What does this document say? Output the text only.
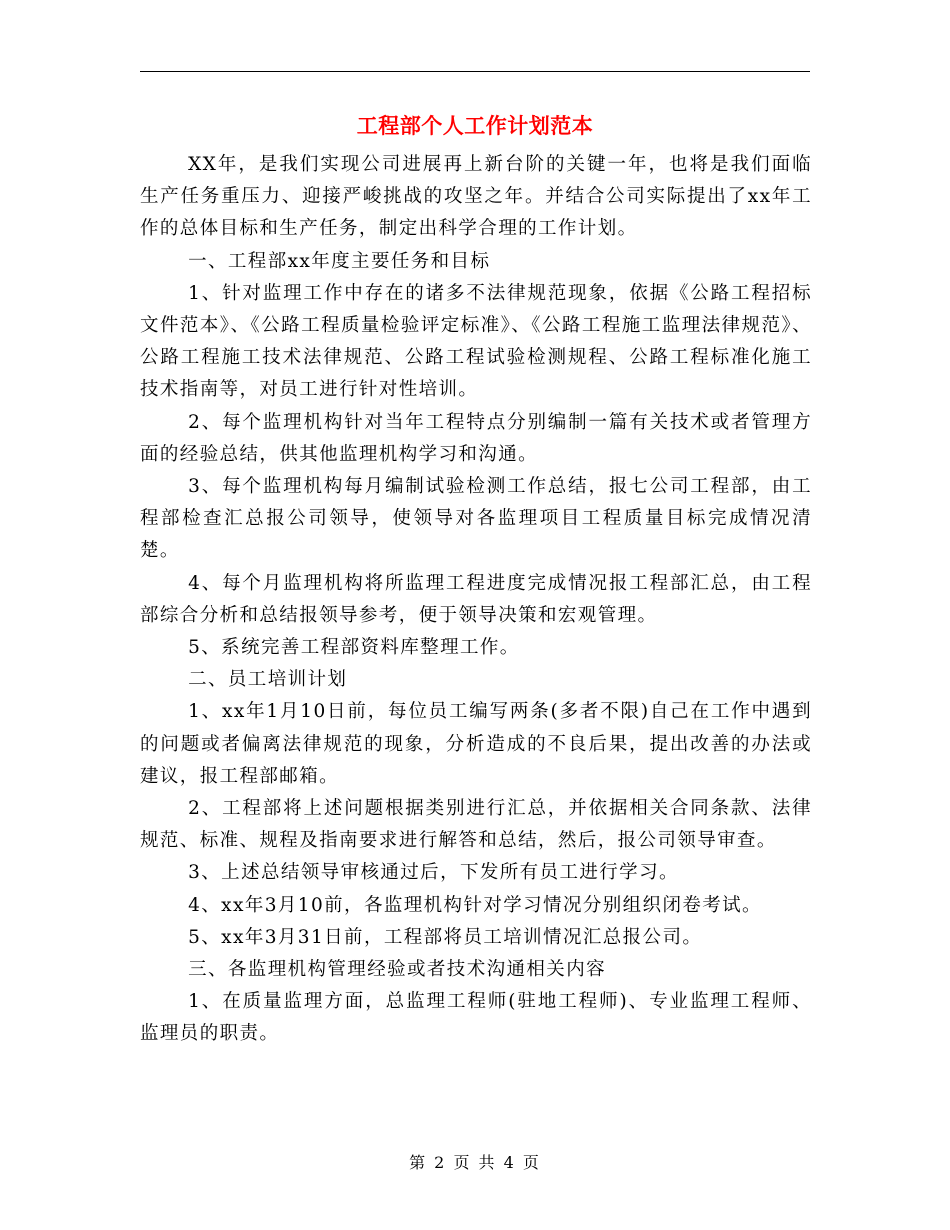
工程部个人工作计划范本

XX年，是我们实现公司进展再上新台阶的关键一年，也将是我们面临生产任务重压力、迎接严峻挑战的攻坚之年。并结合公司实际提出了xx年工作的总体目标和生产任务，制定出科学合理的工作计划。

一、工程部xx年度主要任务和目标

1、针对监理工作中存在的诸多不法律规范现象，依据《公路工程招标文件范本》、《公路工程质量检验评定标准》、《公路工程施工监理法律规范》、公路工程施工技术法律规范、公路工程试验检测规程、公路工程标准化施工技术指南等，对员工进行针对性培训。

2、每个监理机构针对当年工程特点分别编制一篇有关技术或者管理方面的经验总结，供其他监理机构学习和沟通。

3、每个监理机构每月编制试验检测工作总结，报七公司工程部，由工程部检查汇总报公司领导，使领导对各监理项目工程质量目标完成情况清楚。

4、每个月监理机构将所监理工程进度完成情况报工程部汇总，由工程部综合分析和总结报领导参考，便于领导决策和宏观管理。

5、系统完善工程部资料库整理工作。

二、员工培训计划

1、xx年1月10日前，每位员工编写两条(多者不限)自己在工作中遇到的问题或者偏离法律规范的现象，分析造成的不良后果，提出改善的办法或建议，报工程部邮箱。

2、工程部将上述问题根据类别进行汇总，并依据相关合同条款、法律规范、标准、规程及指南要求进行解答和总结，然后，报公司领导审查。

3、上述总结领导审核通过后，下发所有员工进行学习。

4、xx年3月10前，各监理机构针对学习情况分别组织闭卷考试。

5、xx年3月31日前，工程部将员工培训情况汇总报公司。

三、各监理机构管理经验或者技术沟通相关内容

1、在质量监理方面，总监理工程师(驻地工程师)、专业监理工程师、监理员的职责。

第 2 页 共 4 页
